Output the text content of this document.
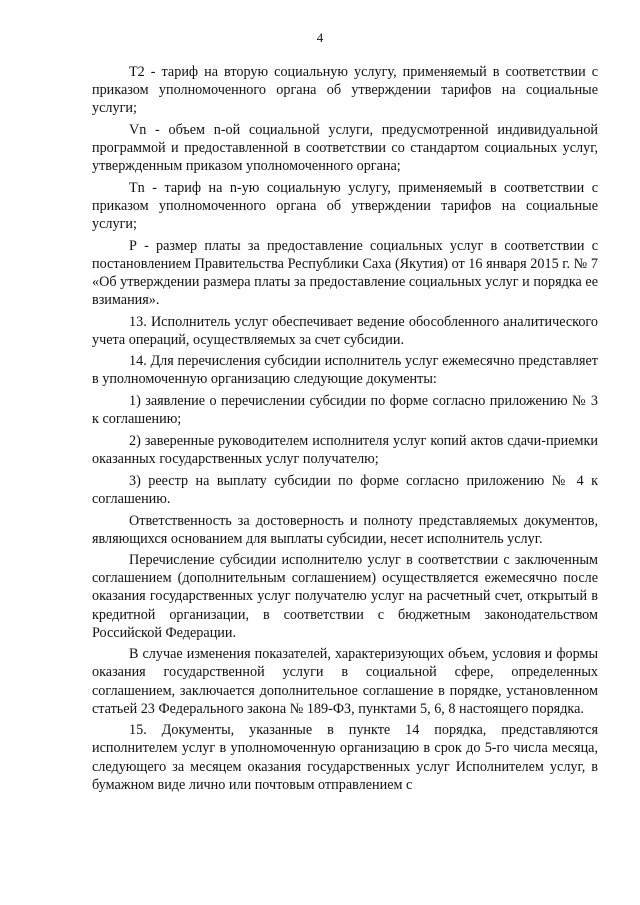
4

Т2 - тариф на вторую социальную услугу, применяемый в соответствии с приказом уполномоченного органа об утверждении тарифов на социальные услуги;

Vn - объем n-ой социальной услуги, предусмотренной индивидуальной программой и предоставленной в соответствии со стандартом социальных услуг, утвержденным приказом уполномоченного органа;

Тn - тариф на n-ую социальную услугу, применяемый в соответствии с приказом уполномоченного органа об утверждении тарифов на социальные услуги;

Р - размер платы за предоставление социальных услуг в соответствии с постановлением Правительства Республики Саха (Якутия) от 16 января 2015 г. № 7 «Об утверждении размера платы за предоставление социальных услуг и порядка ее взимания».

13. Исполнитель услуг обеспечивает ведение обособленного аналитического учета операций, осуществляемых за счет субсидии.

14. Для перечисления субсидии исполнитель услуг ежемесячно представляет в уполномоченную организацию следующие документы:

1) заявление о перечислении субсидии по форме согласно приложению № 3 к соглашению;

2) заверенные руководителем исполнителя услуг копий актов сдачи-приемки оказанных государственных услуг получателю;

3) реестр на выплату субсидии по форме согласно приложению № 4 к соглашению.

Ответственность за достоверность и полноту представляемых документов, являющихся основанием для выплаты субсидии, несет исполнитель услуг.

Перечисление субсидии исполнителю услуг в соответствии с заключенным соглашением (дополнительным соглашением) осуществляется ежемесячно после оказания государственных услуг получателю услуг на расчетный счет, открытый в кредитной организации, в соответствии с бюджетным законодательством Российской Федерации.

В случае изменения показателей, характеризующих объем, условия и формы оказания государственной услуги в социальной сфере, определенных соглашением, заключается дополнительное соглашение в порядке, установленном статьей 23 Федерального закона № 189-ФЗ, пунктами 5, 6, 8 настоящего порядка.

15. Документы, указанные в пункте 14 порядка, представляются исполнителем услуг в уполномоченную организацию в срок до 5-го числа месяца, следующего за месяцем оказания государственных услуг Исполнителем услуг, в бумажном виде лично или почтовым отправлением с
